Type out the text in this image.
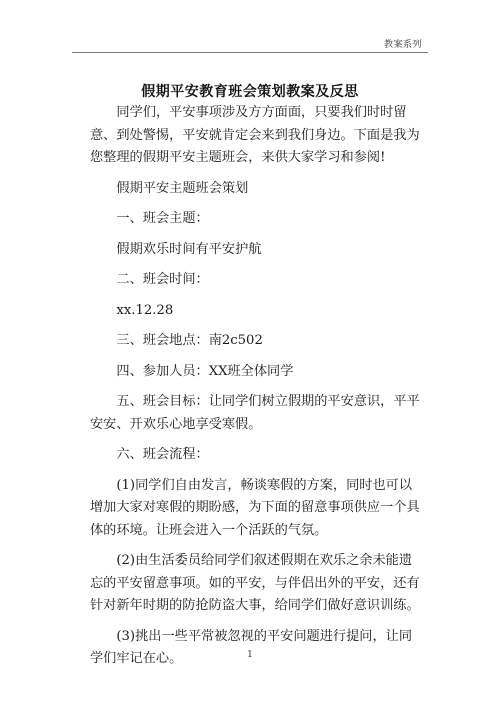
教案系列
假期平安教育班会策划教案及反思

同学们，平安事项涉及方方面面，只要我们时时留意、到处警惕，平安就肯定会来到我们身边。下面是我为您整理的假期平安主题班会，来供大家学习和参阅!

假期平安主题班会策划

一、班会主题：

假期欢乐时间有平安护航

二、班会时间：

xx.12.28

三、班会地点：南2c502

四、参加人员：XX班全体同学

五、班会目标：让同学们树立假期的平安意识，平平安安、开欢乐心地享受寒假。

六、班会流程：

(1)同学们自由发言，畅谈寒假的方案，同时也可以增加大家对寒假的期盼感，为下面的留意事项供应一个具体的环境。让班会进入一个活跃的气氛。

(2)由生活委员给同学们叙述假期在欢乐之余未能遗忘的平安留意事项。如的平安，与伴侣出外的平安，还有针对新年时期的防抢防盗大事，给同学们做好意识训练。

(3)挑出一些平常被忽视的平安问题进行提问，让同学们牢记在心。	1
